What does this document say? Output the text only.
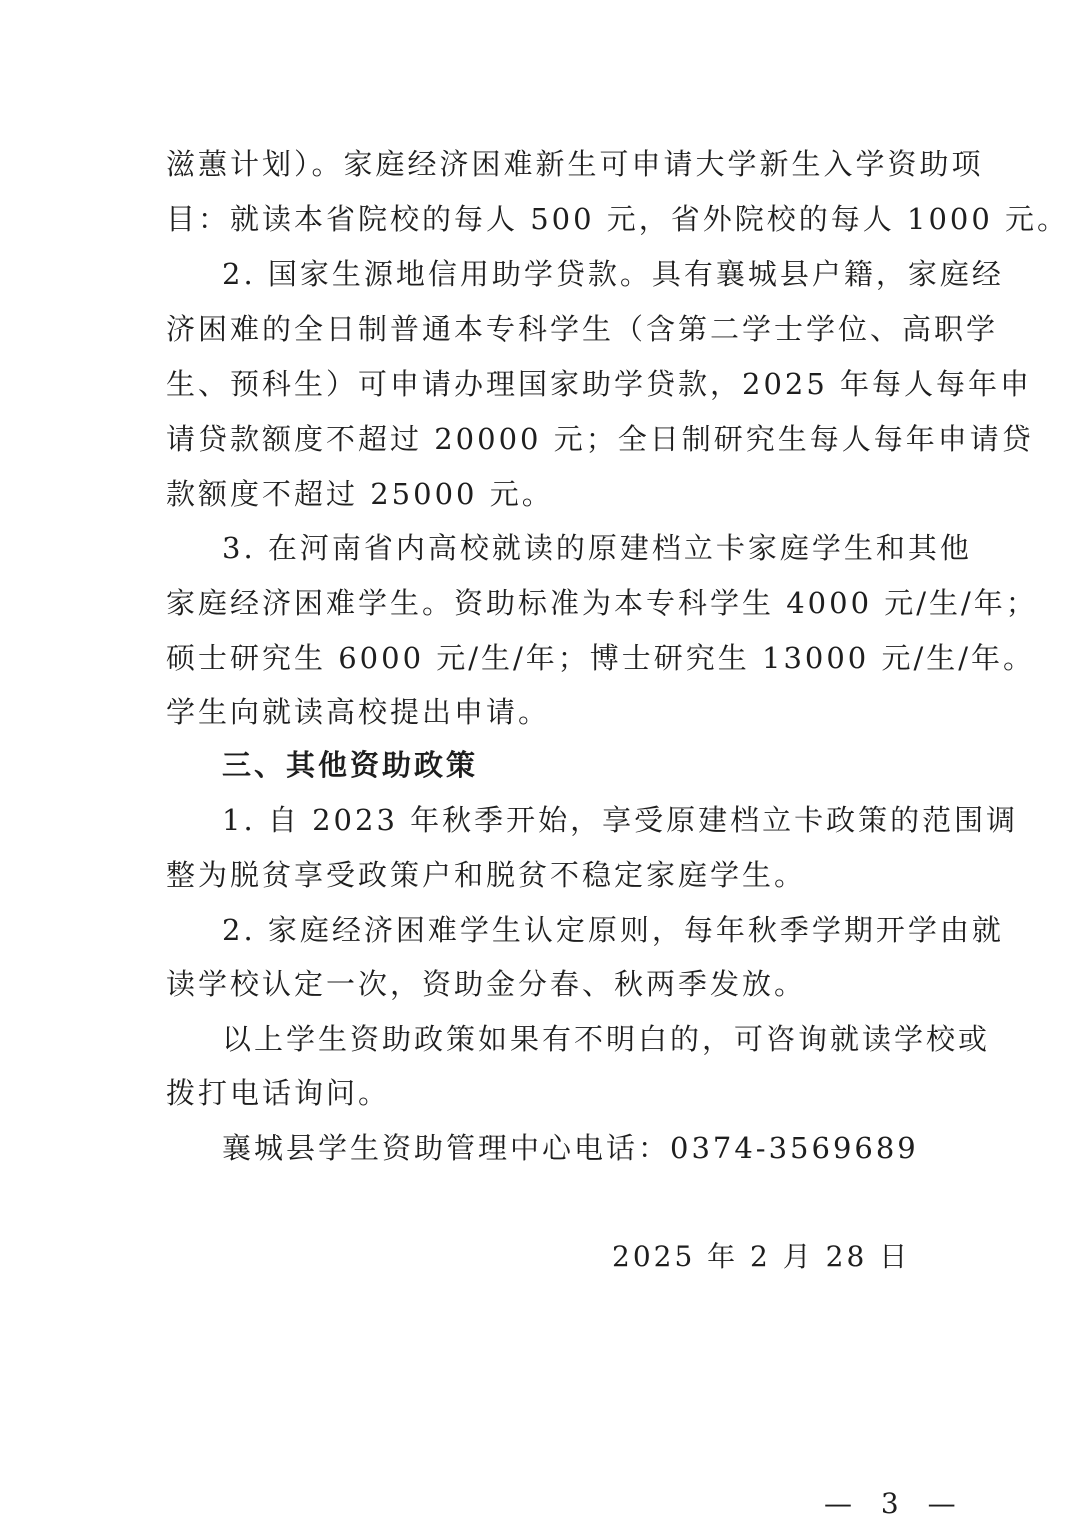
滋蕙计划）。家庭经济困难新生可申请大学新生入学资助项
目：就读本省院校的每人 500 元，省外院校的每人 1000 元。
2. 国家生源地信用助学贷款。具有襄城县户籍，家庭经
济困难的全日制普通本专科学生（含第二学士学位、高职学
生、预科生）可申请办理国家助学贷款，2025 年每人每年申
请贷款额度不超过 20000 元；全日制研究生每人每年申请贷
款额度不超过 25000 元。
3. 在河南省内高校就读的原建档立卡家庭学生和其他
家庭经济困难学生。资助标准为本专科学生 4000 元/生/年；
硕士研究生 6000 元/生/年；博士研究生 13000 元/生/年。
学生向就读高校提出申请。
三、其他资助政策
1. 自 2023 年秋季开始，享受原建档立卡政策的范围调
整为脱贫享受政策户和脱贫不稳定家庭学生。
2. 家庭经济困难学生认定原则，每年秋季学期开学由就
读学校认定一次，资助金分春、秋两季发放。
以上学生资助政策如果有不明白的，可咨询就读学校或
拨打电话询问。
襄城县学生资助管理中心电话：0374-3569689
2025 年 2 月 28 日
— 3 —
